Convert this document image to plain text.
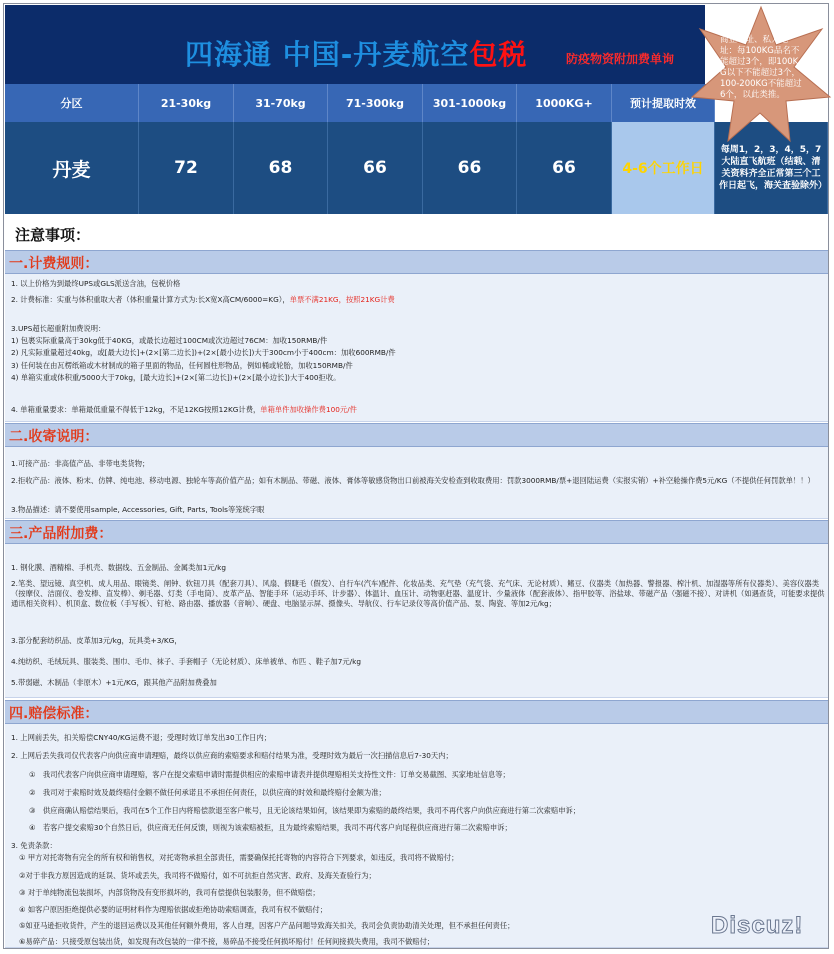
四海通 中国-丹麦航空包税	防疫物资附加费单询
分区	21-30kg	31-70kg	71-300kg	301-1000kg	1000KG+	预计提取时效
丹麦	72	68	66	66	66	4-6个工作日
每周1，2，3，4，5，7大陆直飞航班（结载、清关资料齐全正常第三个工作日起飞，海关查验除外）
商业地址、私人地址：每100KG品名不能超过3个，即100KG以下不能超过3个，100-200KG不能超过6个，以此类推。
注意事项：
一.计费规则：
1. 以上价格为到最终UPS或GLS派送含油，包税价格
2. 计费标准：实重与体积重取大者（体积重量计算方式为:长X宽X高CM/6000=KG），单票不满21KG，按照21KG计费
3.UPS超长超重附加费说明：
1) 包裹实际重量高于30kg低于40KG，或最长边超过100CM或次边超过76CM：加收150RMB/件
2) 凡实际重量超过40kg，或[最大边长]+(2×[第二边长])+(2×[最小边长])大于300cm小于400cm：加收600RMB/件
3) 任何装在由瓦楞纸箱或木材制成的箱子里面的物品，任何圆柱形物品，例如桶或轮胎，加收150RMB/件
4) 单箱实重或体积重/5000大于70kg，[最大边长]+(2×[第二边长])+(2×[最小边长])大于400拒收。
4. 单箱重量要求：单箱最低重量不得低于12kg，不足12KG按照12KG计费，单箱单件加收操作费100元/件
二.收寄说明：
1.可接产品：非高值产品、非带电类货物；
2.拒收产品：液体、粉末、仿牌、纯电池、移动电源、独轮车等高价值产品；如有木制品、带磁、液体、膏体等敏感货物出口前被海关安检查到收取费用：罚款3000RMB/票+退回陆运费（实报实销）+补空舱操作费5元/KG（不提供任何罚款单！！）
3.物品描述：请不要使用sample, Accessories, Gift, Parts, Tools等笼统字眼
三.产品附加费：
1. 钢化膜、酒精棉、手机壳、数据线、五金制品、金属类加1元/kg
2.笔类、望远镜、真空机、成人用品、眼镜类、闸钟、软钮刀具（配套刀具）、风扇、假睫毛（假发）、自行车(汽车)配件、化妆品类、充气垫（充气袋、充气床、无论材质）、鳍豆、仪器类（加热器、警报器、榨汁机、加湿器等所有仪器类）、美容仪器类（按摩仪、洁面仪、卷发棒、直发棒）、剃毛器、灯类（手电筒）、皮革产品、智能手环（运动手环、计步器）、体温计、血压计、动物驱赶器、温度计、少量液体（配套液体）、指甲胶等、浴盐球、带磁产品（强磁不接）、对讲机（如遇查货，可能要求提供通讯相关资料）、机顶盒、数位板（手写板）、钉枪、路由器、播放器（音响）、硬盘、电脑显示屏、摄像头、导航仪、行车记录仪等高价值产品、泵、陶瓷、等加2元/kg；
3.部分配套纺织品、皮革加3元/kg，玩具类+3/KG，
4.纯纺织、毛绒玩具、服装类、围巾、毛巾、袜子、手套帽子（无论材质）、床单被单、布匹 、鞋子加7元/kg
5.带弱磁、木制品（非原木）+1元/KG，跟其他产品附加费叠加
四.赔偿标准：
1. 上网前丢失，扣关赔偿CNY40/KG运费不退；受理时效订单发出30工作日内；
2. 上网后丢失我司仅代表客户向供应商申请理赔，最终以供应商的索赔要求和赔付结果为准，受理时效为最后一次扫描信息后7-30天内；
①　我司代表客户向供应商申请理赔，客户在提交索赔申请时需提供相应的索赔申请表并提供理赔相关支持性文件：订单交易截图、买家地址信息等；
②　我司对于索赔时效及最终赔付金额不做任何承诺且不承担任何责任，以供应商的时效和最终赔付金额为准；
③　供应商确认赔偿结果后，我司在5个工作日内将赔偿款退至客户帐号，且无论该结果如何，该结果即为索赔的最终结果，我司不再代客户向供应商进行第二次索赔申诉；
④　若客户提交索赔30个自然日后，供应商无任何反馈，则视为该索赔被拒，且为最终索赔结果，我司不再代客户向尾程供应商进行第二次索赔申诉；
3. 免责条款：
① 甲方对托寄物有完全的所有权和销售权，对托寄物承担全部责任，需要确保托托寄物的内容符合下列要求，如违反，我司将不做赔付；
②对于非我方原因造成的延误、货坏或丢失，我司将不做赔付，如不可抗拒自然灾害、政府、及海关查验行为；
③ 对于单纯物流包装损坏，内部货物没有变形损坏的，我司有偿提供包装服务，但不做赔偿；
④ 如客户原因拒绝提供必要的证明材料作为理赔依据或拒绝协助索赔调查，我司有权不做赔付；
⑤如亚马逊拒收货件，产生的退回运费以及其他任何额外费用，客人自理，因客户产品问题导致海关扣关，我司会负责协助清关处理，但不承担任何责任；
⑥易碎产品：只接受原包装出货，如发现有改包装的一律不接，易碎品不接受任何损坏赔付！任何间接损失费用，我司不做赔付；
Discuz!
